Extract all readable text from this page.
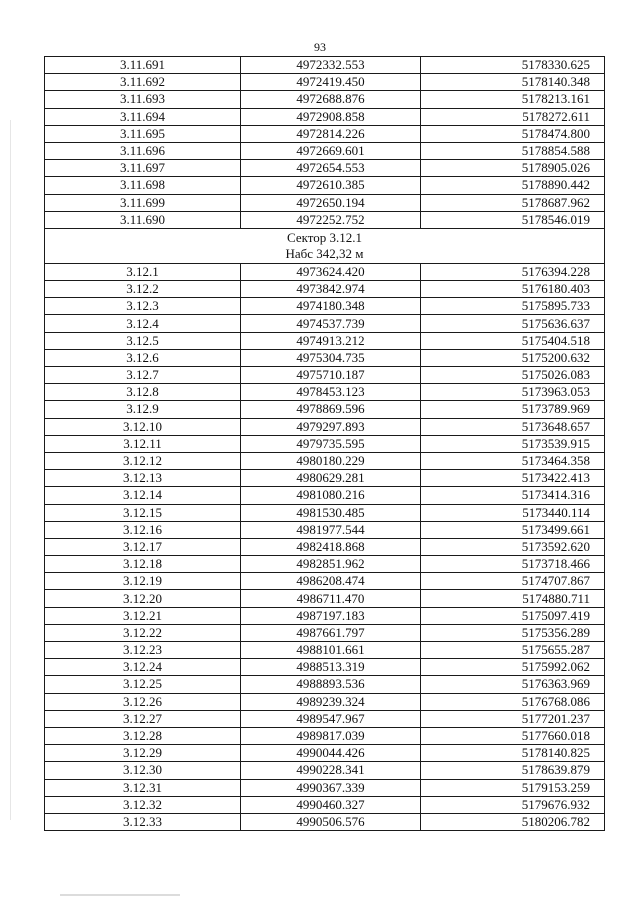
93
3.11.691	4972332.553	5178330.625
3.11.692	4972419.450	5178140.348
3.11.693	4972688.876	5178213.161
3.11.694	4972908.858	5178272.611
3.11.695	4972814.226	5178474.800
3.11.696	4972669.601	5178854.588
3.11.697	4972654.553	5178905.026
3.11.698	4972610.385	5178890.442
3.11.699	4972650.194	5178687.962
3.11.690	4972252.752	5178546.019

Сектор 3.12.1
Набс 342,32 м		

3.12.1	4973624.420	5176394.228
3.12.2	4973842.974	5176180.403
3.12.3	4974180.348	5175895.733
3.12.4	4974537.739	5175636.637
3.12.5	4974913.212	5175404.518
3.12.6	4975304.735	5175200.632
3.12.7	4975710.187	5175026.083
3.12.8	4978453.123	5173963.053
3.12.9	4978869.596	5173789.969
3.12.10	4979297.893	5173648.657
3.12.11	4979735.595	5173539.915
3.12.12	4980180.229	5173464.358
3.12.13	4980629.281	5173422.413
3.12.14	4981080.216	5173414.316
3.12.15	4981530.485	5173440.114
3.12.16	4981977.544	5173499.661
3.12.17	4982418.868	5173592.620
3.12.18	4982851.962	5173718.466
3.12.19	4986208.474	5174707.867
3.12.20	4986711.470	5174880.711
3.12.21	4987197.183	5175097.419
3.12.22	4987661.797	5175356.289
3.12.23	4988101.661	5175655.287
3.12.24	4988513.319	5175992.062
3.12.25	4988893.536	5176363.969
3.12.26	4989239.324	5176768.086
3.12.27	4989547.967	5177201.237
3.12.28	4989817.039	5177660.018
3.12.29	4990044.426	5178140.825
3.12.30	4990228.341	5178639.879
3.12.31	4990367.339	5179153.259
3.12.32	4990460.327	5179676.932
3.12.33	4990506.576	5180206.782
